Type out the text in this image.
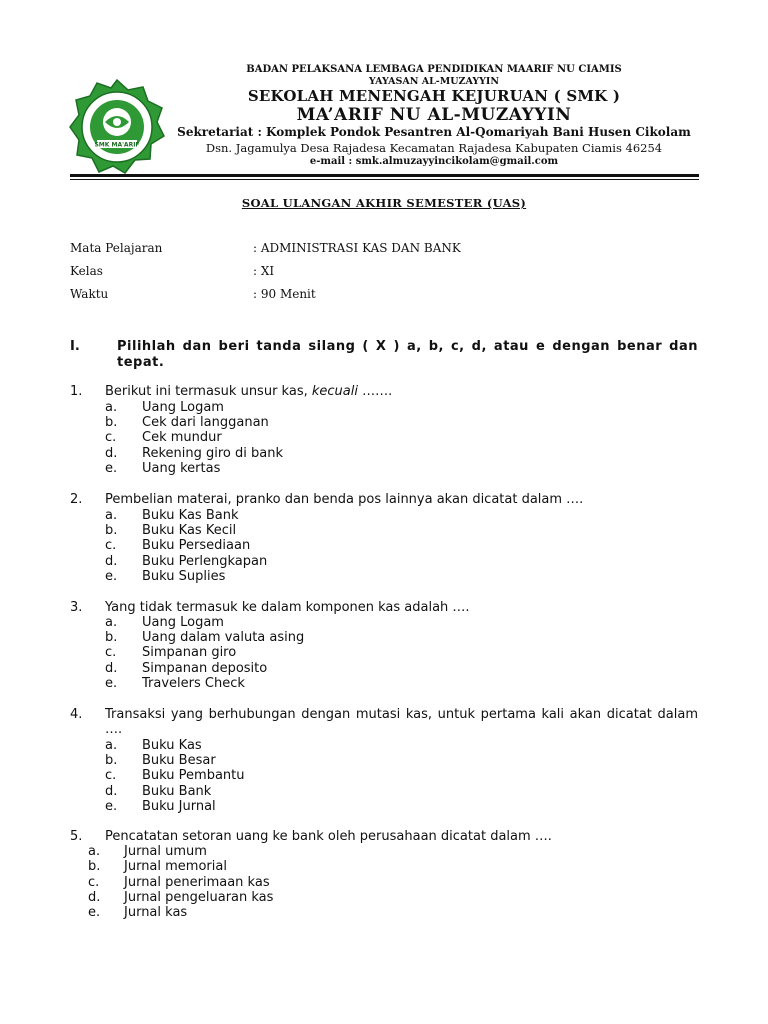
SMK MA'ARIF
BADAN PELAKSANA LEMBAGA PENDIDIKAN MAARIF NU CIAMIS
YAYASAN AL-MUZAYYIN
SEKOLAH MENENGAH KEJURUAN ( SMK )
MA’ARIF NU AL-MUZAYYIN
Sekretariat : Komplek Pondok Pesantren Al-Qomariyah Bani Husen Cikolam
Dsn. Jagamulya Desa Rajadesa Kecamatan Rajadesa Kabupaten Ciamis 46254
e-mail : smk.almuzayyincikolam@gmail.com
SOAL ULANGAN AKHIR SEMESTER (UAS)
Mata Pelajaran	: ADMINISTRASI KAS DAN BANK
Kelas	: XI
Waktu	: 90 Menit
I.	Pilihlah dan beri tanda silang ( X ) a, b, c, d, atau e dengan benar dan tepat.
1. Berikut ini termasuk unsur kas, kecuali …….
a. Uang Logam
b. Cek dari langganan
c. Cek mundur
d. Rekening giro di bank
e. Uang kertas
2. Pembelian materai, pranko dan benda pos lainnya akan dicatat dalam ….
a. Buku Kas Bank
b. Buku Kas Kecil
c. Buku Persediaan
d. Buku Perlengkapan
e. Buku Suplies
3. Yang tidak termasuk ke dalam komponen kas adalah ….
a. Uang Logam
b. Uang dalam valuta asing
c. Simpanan giro
d. Simpanan deposito
e. Travelers Check
4. Transaksi yang berhubungan dengan mutasi kas, untuk pertama kali akan dicatat dalam ….
a. Buku Kas
b. Buku Besar
c. Buku Pembantu
d. Buku Bank
e. Buku Jurnal
5. Pencatatan setoran uang ke bank oleh perusahaan dicatat dalam ….
a. Jurnal umum
b. Jurnal memorial
c. Jurnal penerimaan kas
d. Jurnal pengeluaran kas
e. Jurnal kas
